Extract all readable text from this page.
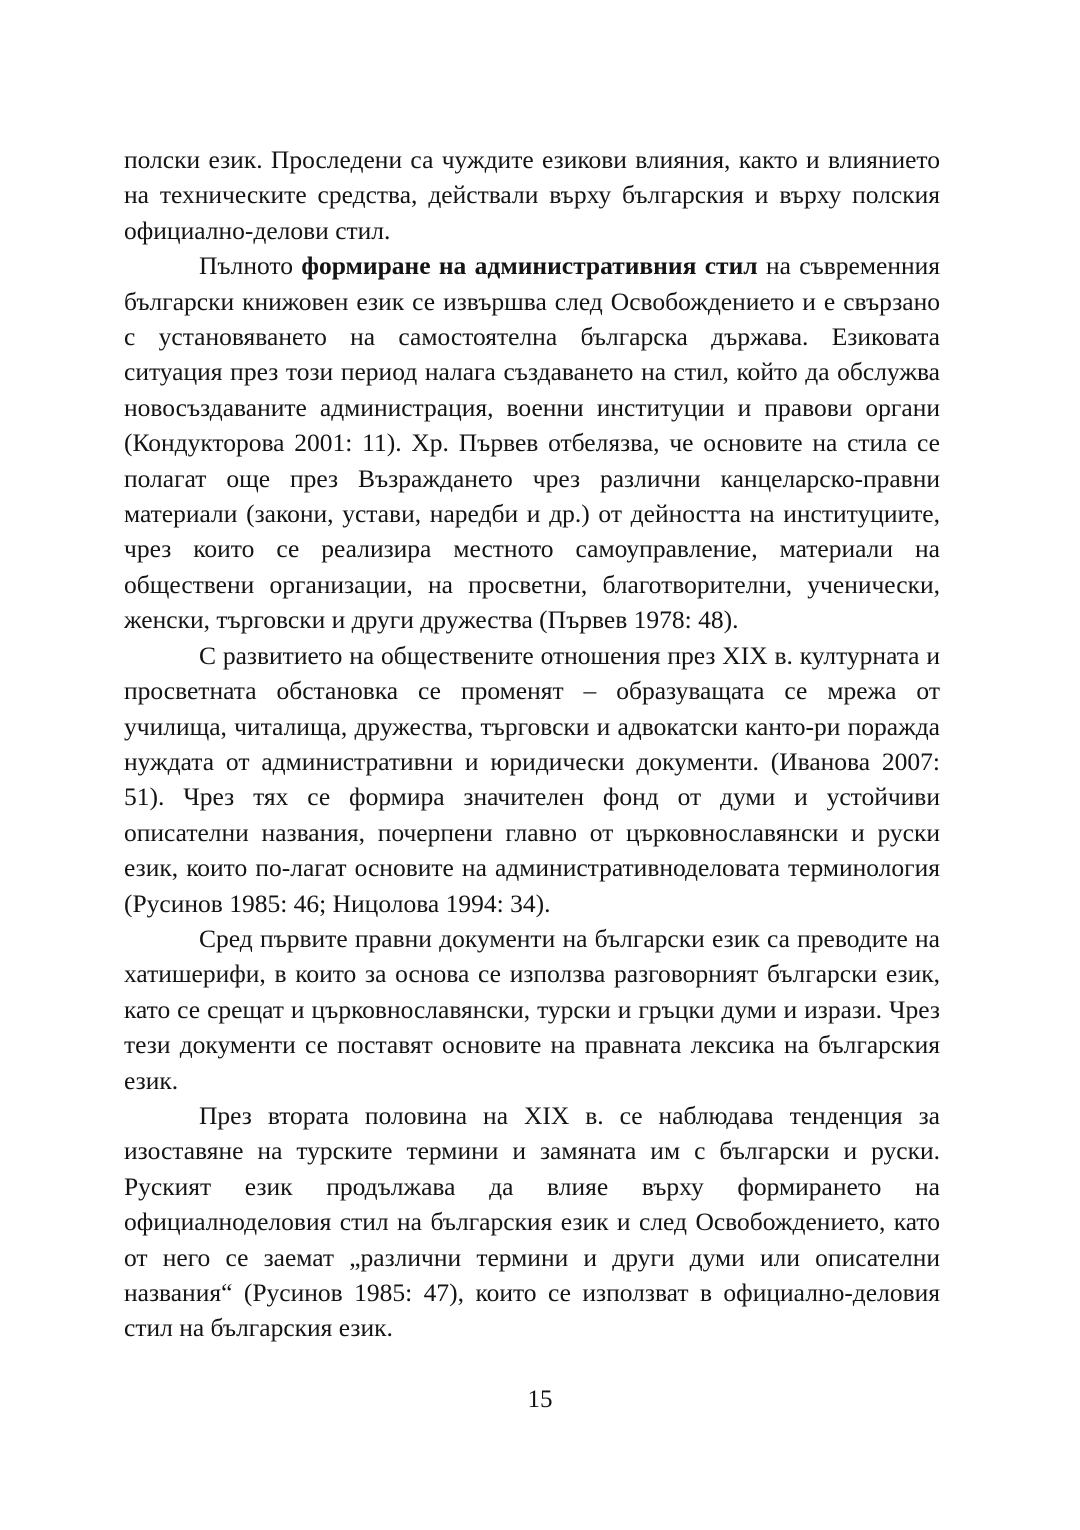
полски език. Проследени са чуждите езикови влияния, както и влиянието на техническите средства, действали върху българския и върху полския официално-делови стил.

Пълното формиране на административния стил на съвременния български книжовен език се извършва след Освобождението и е свързано с установяването на самостоятелна българска държава. Езиковата ситуация през този период налага създаването на стил, който да обслужва новосъздаваните администрация, военни институции и правови органи (Кондукторова 2001: 11). Хр. Първев отбелязва, че основите на стила се полагат още през Възраждането чрез различни канцеларско-правни материали (закони, устави, наредби и др.) от дейността на институциите, чрез които се реализира местното самоуправление, материали на обществени организации, на просветни, благотворителни, ученически, женски, търговски и други дружества (Първев 1978: 48).

С развитието на обществените отношения през XIX в. културната и просветната обстановка се променят – образуващата се мрежа от училища, читалища, дружества, търговски и адвокатски канто-ри поражда нуждата от административни и юридически документи. (Иванова 2007: 51). Чрез тях се формира значителен фонд от думи и устойчиви описателни названия, почерпени главно от църковнославянски и руски език, които по-лагат основите на административноделовата терминология (Русинов 1985: 46; Ницолова 1994: 34).

Сред първите правни документи на български език са преводите на хатишерифи, в които за основа се използва разговорният български език, като се срещат и църковнославянски, турски и гръцки думи и изрази. Чрез тези документи се поставят основите на правната лексика на българския език.

През втората половина на XIX в. се наблюдава тенденция за изоставяне на турските термини и замяната им с български и руски. Руският език продължава да влияе върху формирането на официалноделовия стил на българския език и след Освобождението, като от него се заемат „различни термини и други думи или описателни названия“ (Русинов 1985: 47), които се използват в официално-деловия стил на българския език.

15
